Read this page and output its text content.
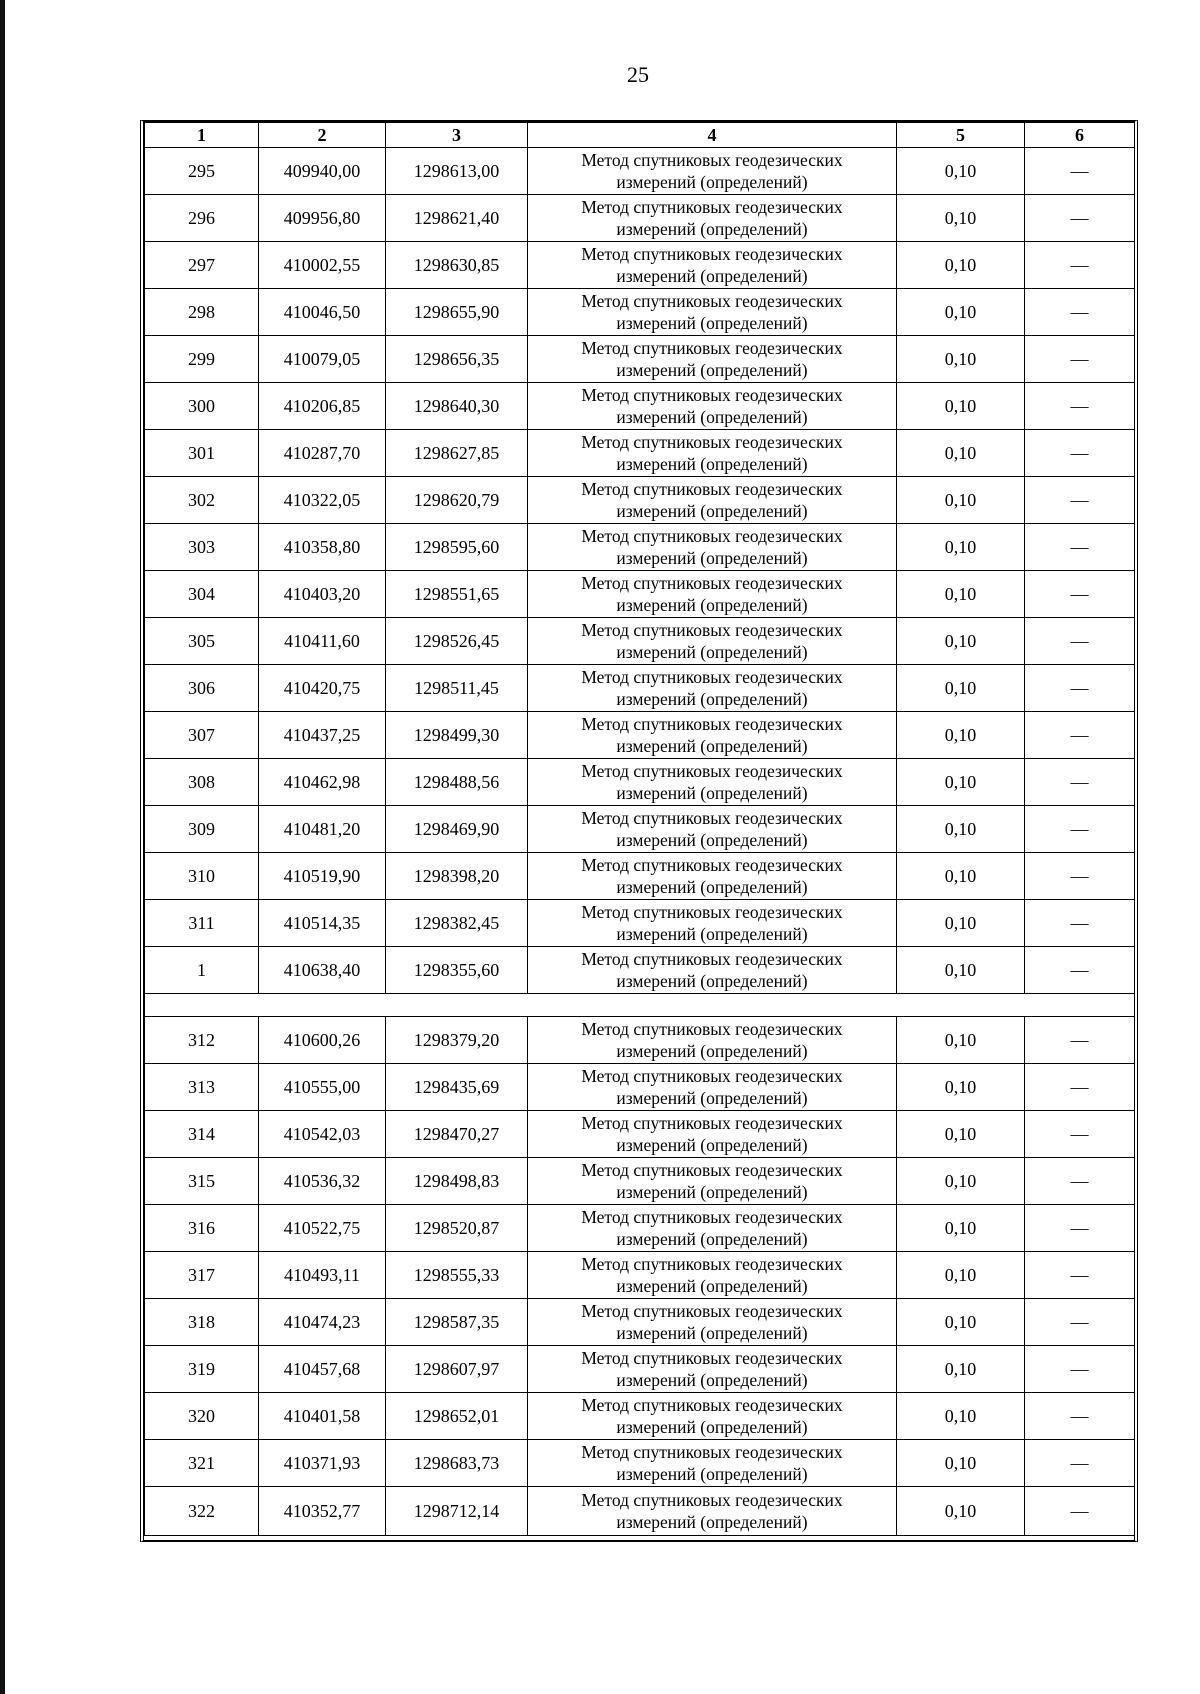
25
1	2	3	4	5	6
295	409940,00	1298613,00	Метод спутниковых геодезических
измерений (определений)	0,10	—
296	409956,80	1298621,40	Метод спутниковых геодезических
измерений (определений)	0,10	—
297	410002,55	1298630,85	Метод спутниковых геодезических
измерений (определений)	0,10	—
298	410046,50	1298655,90	Метод спутниковых геодезических
измерений (определений)	0,10	—
299	410079,05	1298656,35	Метод спутниковых геодезических
измерений (определений)	0,10	—
300	410206,85	1298640,30	Метод спутниковых геодезических
измерений (определений)	0,10	—
301	410287,70	1298627,85	Метод спутниковых геодезических
измерений (определений)	0,10	—
302	410322,05	1298620,79	Метод спутниковых геодезических
измерений (определений)	0,10	—
303	410358,80	1298595,60	Метод спутниковых геодезических
измерений (определений)	0,10	—
304	410403,20	1298551,65	Метод спутниковых геодезических
измерений (определений)	0,10	—
305	410411,60	1298526,45	Метод спутниковых геодезических
измерений (определений)	0,10	—
306	410420,75	1298511,45	Метод спутниковых геодезических
измерений (определений)	0,10	—
307	410437,25	1298499,30	Метод спутниковых геодезических
измерений (определений)	0,10	—
308	410462,98	1298488,56	Метод спутниковых геодезических
измерений (определений)	0,10	—
309	410481,20	1298469,90	Метод спутниковых геодезических
измерений (определений)	0,10	—
310	410519,90	1298398,20	Метод спутниковых геодезических
измерений (определений)	0,10	—
311	410514,35	1298382,45	Метод спутниковых геодезических
измерений (определений)	0,10	—
1	410638,40	1298355,60	Метод спутниковых геодезических
измерений (определений)	0,10	—

312	410600,26	1298379,20	Метод спутниковых геодезических
измерений (определений)	0,10	—
313	410555,00	1298435,69	Метод спутниковых геодезических
измерений (определений)	0,10	—
314	410542,03	1298470,27	Метод спутниковых геодезических
измерений (определений)	0,10	—
315	410536,32	1298498,83	Метод спутниковых геодезических
измерений (определений)	0,10	—
316	410522,75	1298520,87	Метод спутниковых геодезических
измерений (определений)	0,10	—
317	410493,11	1298555,33	Метод спутниковых геодезических
измерений (определений)	0,10	—
318	410474,23	1298587,35	Метод спутниковых геодезических
измерений (определений)	0,10	—
319	410457,68	1298607,97	Метод спутниковых геодезических
измерений (определений)	0,10	—
320	410401,58	1298652,01	Метод спутниковых геодезических
измерений (определений)	0,10	—
321	410371,93	1298683,73	Метод спутниковых геодезических
измерений (определений)	0,10	—
322	410352,77	1298712,14	Метод спутниковых геодезических
измерений (определений)	0,10	—
